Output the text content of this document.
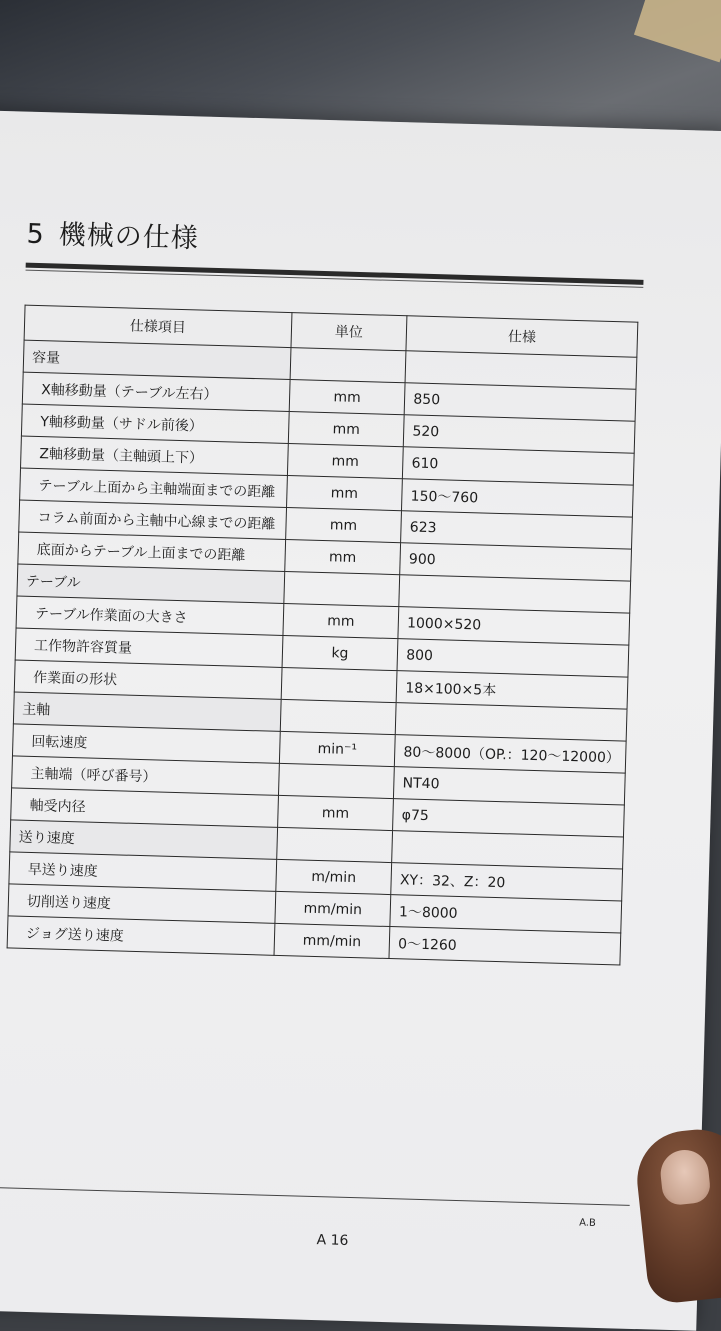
5 機械の仕様
仕様項目	単位	仕様
容量		
X軸移動量（テーブル左右）	mm	850
Y軸移動量（サドル前後）	mm	520
Z軸移動量（主軸頭上下）	mm	610
テーブル上面から主軸端面までの距離	mm	150～760
コラム前面から主軸中心線までの距離	mm	623
底面からテーブル上面までの距離	mm	900
テーブル		
テーブル作業面の大きさ	mm	1000×520
工作物許容質量	kg	800
作業面の形状		18×100×5本
主軸		
回転速度	min⁻¹	80～8000（OP.：120～12000）
主軸端（呼び番号）		NT40
軸受内径	mm	φ75
送り速度		
早送り速度	m/min	XY：32、Z：20
切削送り速度	mm/min	1～8000
ジョグ送り速度	mm/min	0～1260
A.B
A 16
